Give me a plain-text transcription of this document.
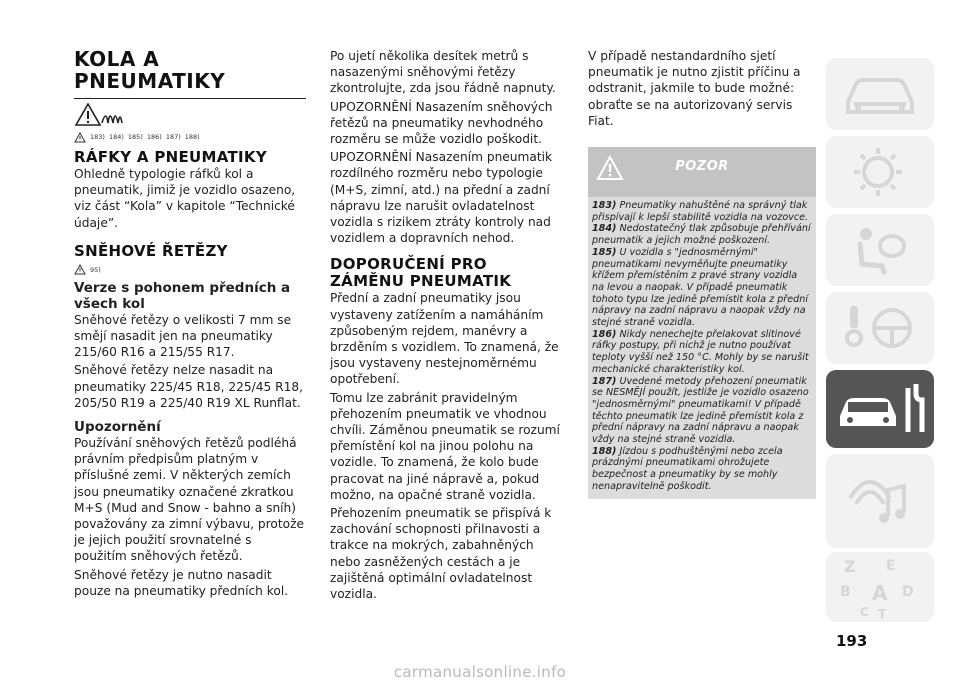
KOLA A
PNEUMATIKY
183) 184) 185) 186) 187) 188)
RÁFKY A PNEUMATIKY

Ohledně typologie ráfků kol a pneumatik, jimiž je vozidlo osazeno, viz část “Kola” v kapitole “Technické údaje”.

SNĚHOVÉ ŘETĚZY
95)
Verze s pohonem předních a všech kol

Sněhové řetězy o velikosti 7 mm se smějí nasadit jen na pneumatiky 215/60 R16 a 215/55 R17.

Sněhové řetězy nelze nasadit na pneumatiky 225/45 R18, 225/45 R18, 205/50 R19 a 225/40 R19 XL Runflat.

Upozornění

Používání sněhových řetězů podléhá právním předpisům platným v příslušné zemi. V některých zemích jsou pneumatiky označené zkratkou M+S (Mud and Snow - bahno a sníh) považovány za zimní výbavu, protože je jejich použití srovnatelné s použitím sněhových řetězů.

Sněhové řetězy je nutno nasadit pouze na pneumatiky předních kol.

Po ujetí několika desítek metrů s nasazenými sněhovými řetězy zkontrolujte, zda jsou řádně napnuty.

UPOZORNĚNÍ Nasazením sněhových řetězů na pneumatiky nevhodného rozměru se může vozidlo poškodit.

UPOZORNĚNÍ Nasazením pneumatik rozdílného rozměru nebo typologie (M+S, zimní, atd.) na přední a zadní nápravu lze narušit ovladatelnost vozidla s rizikem ztráty kontroly nad vozidlem a dopravních nehod.

DOPORUČENÍ PRO
ZÁMĚNU PNEUMATIK

Přední a zadní pneumatiky jsou vystaveny zatížením a namáháním způsobeným rejdem, manévry a brzděním s vozidlem. To znamená, že jsou vystaveny nestejnoměrnému opotřebení.

Tomu lze zabránit pravidelným přehozením pneumatik ve vhodnou chvíli. Záměnou pneumatik se rozumí přemístění kol na jinou polohu na vozidle. To znamená, že kolo bude pracovat na jiné nápravě a, pokud možno, na opačné straně vozidla.

Přehozením pneumatik se přispívá k zachování schopnosti přilnavosti a trakce na mokrých, zabahněných nebo zasněžených cestách a je zajištěná optimální ovladatelnost vozidla.

V případě nestandardního sjetí pneumatik je nutno zjistit příčinu a odstranit, jakmile to bude možné: obraťte se na autorizovaný servis Fiat.

POZOR

183) Pneumatiky nahuštěné na správný tlak přispívají k lepší stabilitě vozidla na vozovce.

184) Nedostatečný tlak způsobuje přehřívání pneumatik a jejich možné poškození.

185) U vozidla s "jednosměrnými" pneumatikami nevyměňujte pneumatiky křížem přemístěním z pravé strany vozidla na levou a naopak. V případě pneumatik tohoto typu lze jedině přemístit kola z přední nápravy na zadní nápravu a naopak vždy na stejné straně vozidla.

186) Nikdy nenechejte přelakovat slitinové ráfky postupy, při nichž je nutno používat teploty vyšší než 150 °C. Mohly by se narušit mechanické charakteristiky kol.

187) Uvedené metody přehození pneumatik se NESMĚJÍ použít, jestliže je vozidlo osazeno "jednosměrnými" pneumatikami! V případě těchto pneumatik lze jedině přemístit kola z přední nápravy na zadní nápravu a naopak vždy na stejné straně vozidla.

188) Jízdou s podhuštěnými nebo zcela prázdnými pneumatikami ohrožujete bezpečnost a pneumatiky by se mohly nenapravitelně poškodit.

Z E
B A
C T
D
193
carmanualsonline.info
